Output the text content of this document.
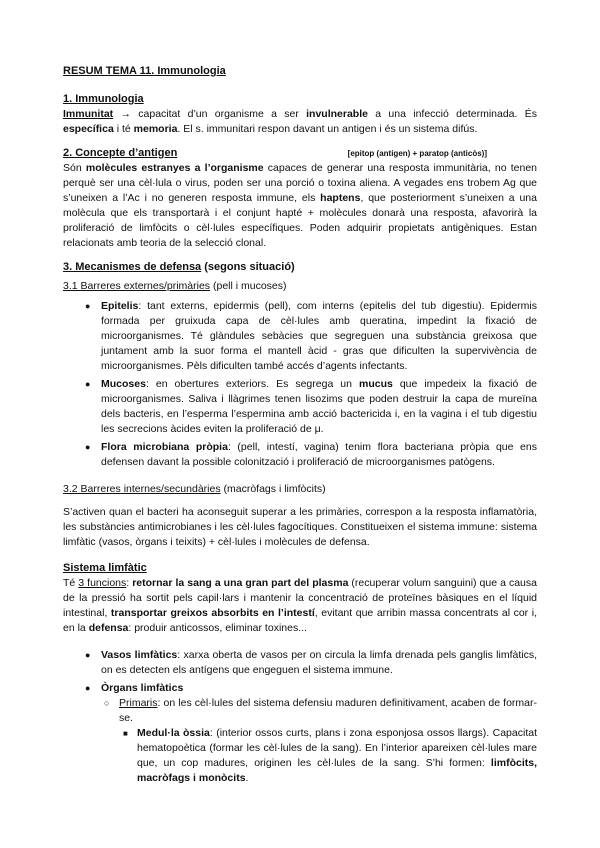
RESUM TEMA 11. Immunologia

1. Immunologia

Immunitat → capacitat d’un organisme a ser invulnerable a una infecció determinada. És específica i té memoria. El s. immunitari respon davant un antigen i és un sistema difús.

2. Concepte d’antigen	[epitop (antigen) + paratop (anticòs)]

Són molècules estranyes a l’organisme capaces de generar una resposta immunitària, no tenen perquè ser una cèl·lula o virus, poden ser una porció o toxina aliena. A vegades ens trobem Ag que s’uneixen a l’Ac i no generen resposta immune, els haptens, que posteriorment s’uneixen a una molècula que els transportarà i el conjunt hapté + molècules donarà una resposta, afavorirà la proliferació de limfòcits o cèl·lules específiques. Poden adquirir propietats antigèniques. Estan relacionats amb teoria de la selecció clonal.

3. Mecanismes de defensa (segons situació)

3.1 Barreres externes/primàries (pell i mucoses)

● Epitelis: tant externs, epidermis (pell), com interns (epitelis del tub digestiu). Epidermis formada per gruixuda capa de cèl·lules amb queratina, impedint la fixació de microorganismes. Té glàndules sebàcies que segreguen una substància greixosa que juntament amb la suor forma el mantell àcid - gras que dificulten la supervivència de microorganismes. Pèls dificulten també accés d’agents infectants.
● Mucoses: en obertures exteriors. Es segrega un mucus que impedeix la fixació de microorganismes. Saliva i llàgrimes tenen lisozims que poden destruir la capa de mureïna dels bacteris, en l’esperma l’espermina amb acció bactericida i, en la vagina i el tub digestiu les secrecions àcides eviten la proliferació de μ.
● Flora microbiana pròpia: (pell, intestí, vagina) tenim flora bacteriana pròpia que ens defensen davant la possible colonització i proliferació de microorganismes patògens.

3.2 Barreres internes/secundàries (macròfags i limfòcits)

S’activen quan el bacteri ha aconseguit superar a les primàries, correspon a la resposta inflamatòria, les substàncies antimicrobianes i les cèl·lules fagocítiques. Constitueixen el sistema immune: sistema limfàtic (vasos, òrgans i teixits) + cèl·lules i molècules de defensa.

Sistema limfàtic

Té 3 funcions: retornar la sang a una gran part del plasma (recuperar volum sanguini) que a causa de la pressió ha sortit pels capil·lars i mantenir la concentració de proteïnes bàsiques en el líquid intestinal, transportar greixos absorbits en l’intestí, evitant que arribin massa concentrats al cor i, en la defensa: produir anticossos, eliminar toxines...

● Vasos limfàtics: xarxa oberta de vasos per on circula la limfa drenada pels ganglis limfàtics, on es detecten els antígens que engeguen el sistema immune.
● Òrgans limfàtics
○ Primaris: on les cèl·lules del sistema defensiu maduren definitivament, acaben de formar-se.
■ Medul·la òssia: (interior ossos curts, plans i zona esponjosa ossos llargs). Capacitat hematopoètica (formar les cèl·lules de la sang). En l’interior apareixen cèl·lules mare que, un cop madures, originen les cèl·lules de la sang. S’hi formen: limfòcits, macròfags i monòcits.
